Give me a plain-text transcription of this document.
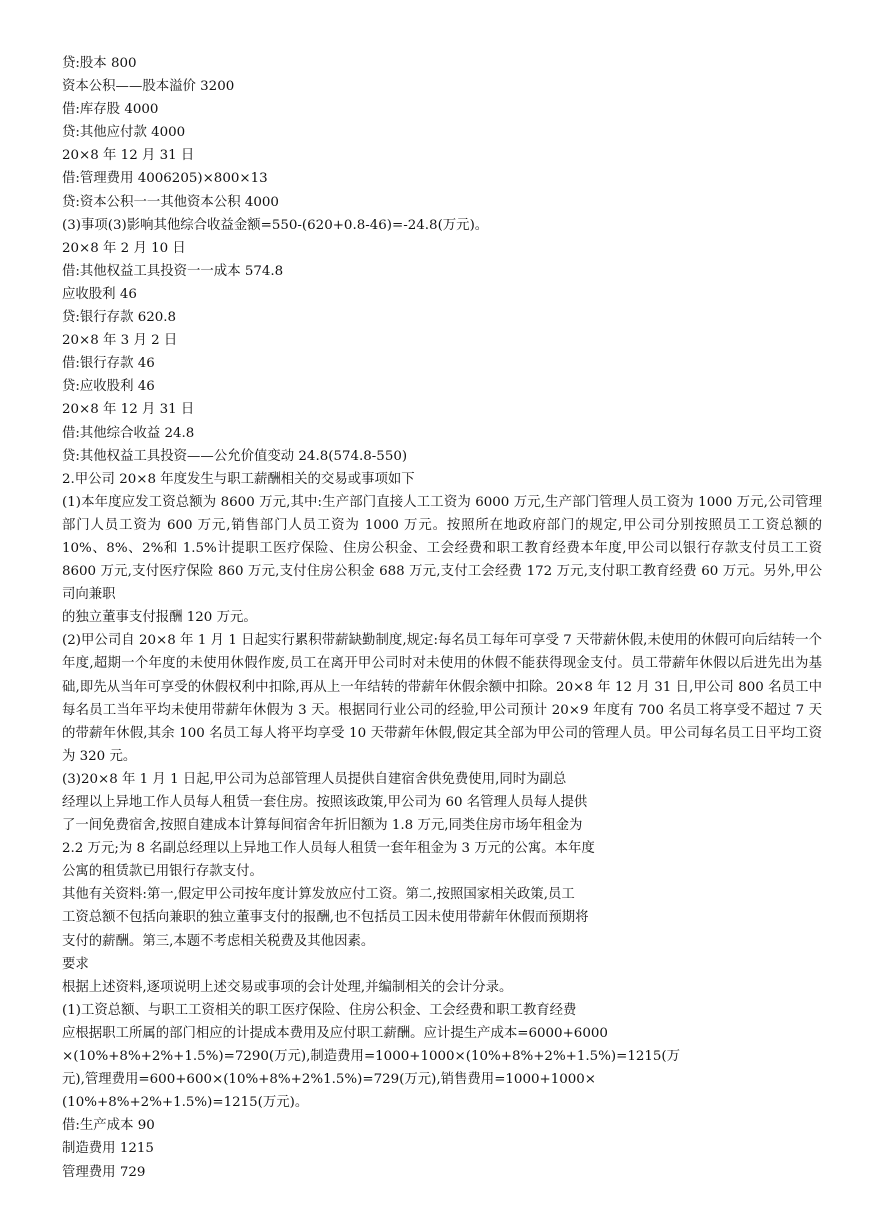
贷:股本 800
资本公积——股本溢价 3200
借:库存股 4000
贷:其他应付款 4000
20×8 年 12 月 31 日
借:管理费用 4006205)×800×13
贷:资本公积一一其他资本公积 4000
(3)事项(3)影响其他综合收益金额=550-(620+0.8-46)=-24.8(万元)。
20×8 年 2 月 10 日
借:其他权益工具投资一一成本 574.8
应收股利 46
贷:银行存款 620.8
20×8 年 3 月 2 日
借:银行存款 46
贷:应收股利 46
20×8 年 12 月 31 日
借:其他综合收益 24.8
贷:其他权益工具投资——公允价值变动 24.8(574.8-550)
2.甲公司 20×8 年度发生与职工薪酬相关的交易或事项如下
(1)本年度应发工资总额为 8600 万元,其中:生产部门直接人工工资为 6000 万元,生产部门管理人员工资为 1000 万元,公司管理部门人员工资为 600 万元,销售部门人员工资为 1000 万元。按照所在地政府部门的规定,甲公司分别按照员工工资总额的 10%、8%、2%和 1.5%计提职工医疗保险、住房公积金、工会经费和职工教育经费本年度,甲公司以银行存款支付员工工资 8600 万元,支付医疗保险 860 万元,支付住房公积金 688 万元,支付工会经费 172 万元,支付职工教育经费 60 万元。另外,甲公司向兼职
的独立董事支付报酬 120 万元。
(2)甲公司自 20×8 年 1 月 1 日起实行累积带薪缺勤制度,规定:每名员工每年可享受 7 天带薪休假,未使用的休假可向后结转一个年度,超期一个年度的未使用休假作废,员工在离开甲公司时对未使用的休假不能获得现金支付。员工带薪年休假以后进先出为基础,即先从当年可享受的休假权利中扣除,再从上一年结转的带薪年休假余额中扣除。20×8 年 12 月 31 日,甲公司 800 名员工中每名员工当年平均未使用带薪年休假为 3 天。根据同行业公司的经验,甲公司预计 20×9 年度有 700 名员工将享受不超过 7 天的带薪年休假,其余 100 名员工每人将平均享受 10 天带薪年休假,假定其全部为甲公司的管理人员。甲公司每名员工日平均工资为 320 元。
(3)20×8 年 1 月 1 日起,甲公司为总部管理人员提供自建宿舍供免费使用,同时为副总
经理以上异地工作人员每人租赁一套住房。按照该政策,甲公司为 60 名管理人员每人提供
了一间免费宿舍,按照自建成本计算每间宿舍年折旧额为 1.8 万元,同类住房市场年租金为
2.2 万元;为 8 名副总经理以上异地工作人员每人租赁一套年租金为 3 万元的公寓。本年度
公寓的租赁款已用银行存款支付。
其他有关资料:第一,假定甲公司按年度计算发放应付工资。第二,按照国家相关政策,员工
工资总额不包括向兼职的独立董事支付的报酬,也不包括员工因未使用带薪年休假而预期将
支付的薪酬。第三,本题不考虑相关税费及其他因素。
要求
根据上述资料,逐项说明上述交易或事项的会计处理,并编制相关的会计分录。
(1)工资总额、与职工工资相关的职工医疗保险、住房公积金、工会经费和职工教育经费
应根据职工所属的部门相应的计提成本费用及应付职工薪酬。应计提生产成本=6000+6000
×(10%+8%+2%+1.5%)=7290(万元),制造费用=1000+1000×(10%+8%+2%+1.5%)=1215(万
元),管理费用=600+600×(10%+8%+2%1.5%)=729(万元),销售费用=1000+1000×
(10%+8%+2%+1.5%)=1215(万元)。
借:生产成本 90
制造费用 1215
管理费用 729
